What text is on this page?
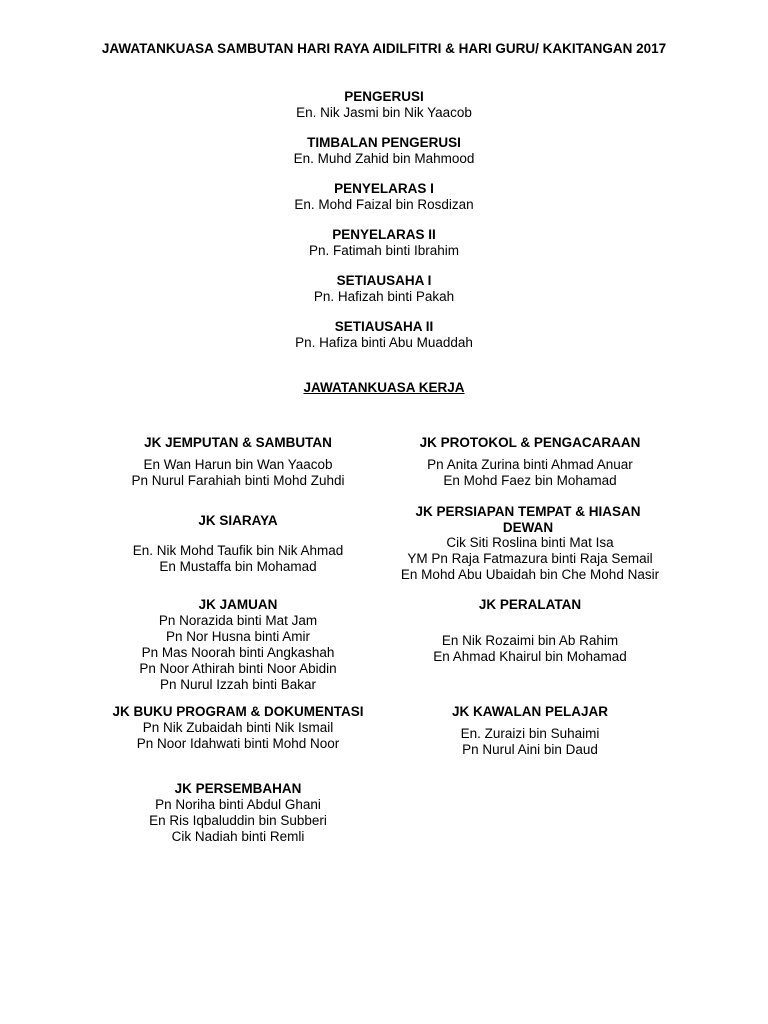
JAWATANKUASA SAMBUTAN HARI RAYA AIDILFITRI & HARI GURU/ KAKITANGAN 2017
PENGERUSI
En. Nik Jasmi bin Nik Yaacob
TIMBALAN PENGERUSI
En. Muhd Zahid bin Mahmood
PENYELARAS I
En. Mohd Faizal bin Rosdizan
PENYELARAS II
Pn. Fatimah binti Ibrahim
SETIAUSAHA I
Pn. Hafizah binti Pakah
SETIAUSAHA II
Pn. Hafiza binti Abu Muaddah
JAWATANKUASA KERJA
JK JEMPUTAN & SAMBUTAN
En Wan Harun bin Wan Yaacob
Pn Nurul Farahiah binti Mohd Zuhdi
JK SIARAYA
En. Nik Mohd Taufik bin Nik Ahmad
En Mustaffa bin Mohamad
JK JAMUAN
Pn Norazida binti Mat Jam
Pn Nor Husna binti Amir
Pn Mas Noorah binti Angkashah
Pn Noor Athirah binti Noor Abidin
Pn Nurul Izzah binti Bakar
JK BUKU PROGRAM & DOKUMENTASI
Pn Nik Zubaidah binti Nik Ismail
Pn Noor Idahwati binti Mohd Noor
JK PERSEMBAHAN
Pn Noriha binti Abdul Ghani
En Ris Iqbaluddin bin Subberi
Cik Nadiah binti Remli
JK PROTOKOL & PENGACARAAN
Pn Anita Zurina binti Ahmad Anuar
En Mohd Faez bin Mohamad
JK PERSIAPAN TEMPAT & HIASAN DEWAN
Cik Siti Roslina binti Mat Isa
YM Pn Raja Fatmazura binti Raja Semail
En Mohd Abu Ubaidah bin Che Mohd Nasir
JK PERALATAN
En Nik Rozaimi bin Ab Rahim
En Ahmad Khairul bin Mohamad
JK KAWALAN PELAJAR
En. Zuraizi bin Suhaimi
Pn Nurul Aini bin Daud
